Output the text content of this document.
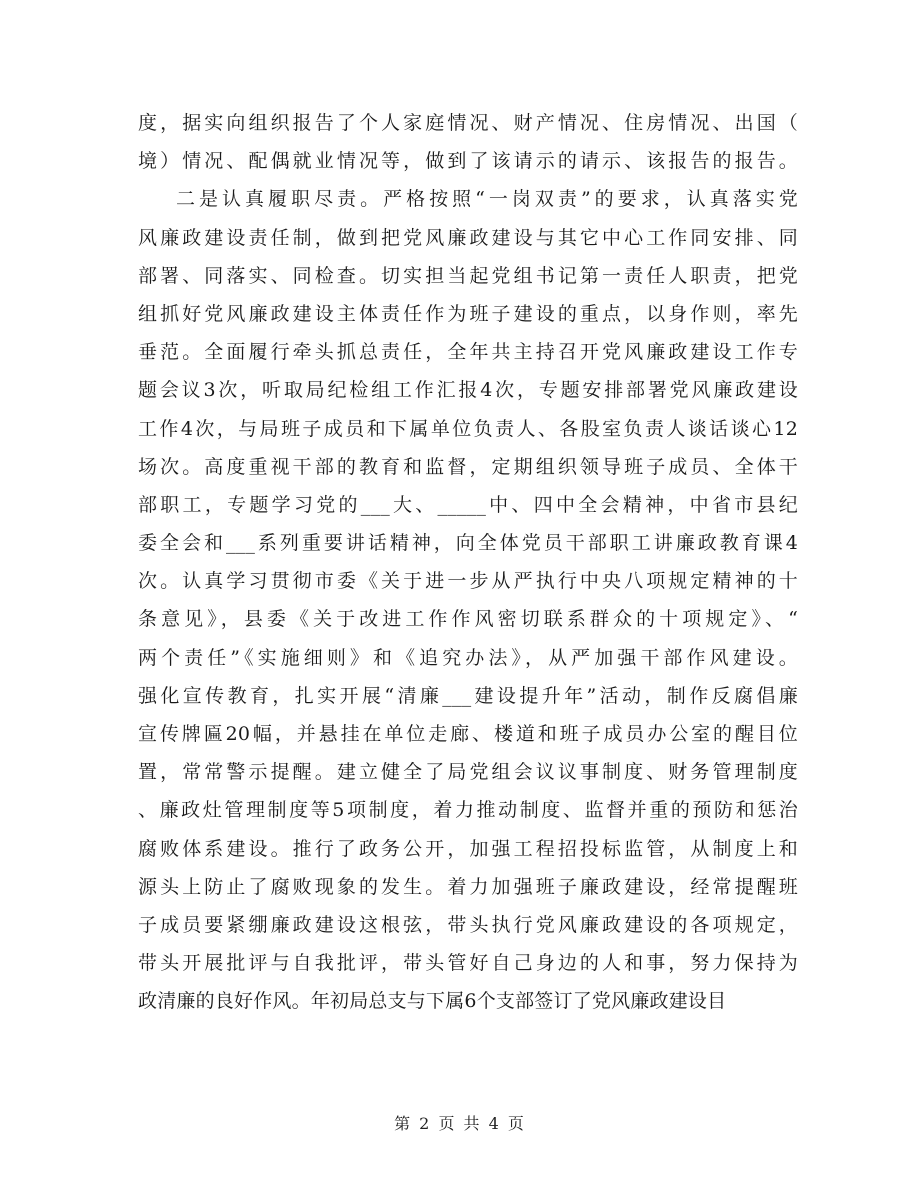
度，据实向组织报告了个人家庭情况、财产情况、住房情况、出国（
境）情况、配偶就业情况等，做到了该请示的请示、该报告的报告。
二是认真履职尽责。严格按照“一岗双责”的要求，认真落实党
风廉政建设责任制，做到把党风廉政建设与其它中心工作同安排、同
部署、同落实、同检查。切实担当起党组书记第一责任人职责，把党
组抓好党风廉政建设主体责任作为班子建设的重点，以身作则，率先
垂范。全面履行牵头抓总责任，全年共主持召开党风廉政建设工作专
题会议3次，听取局纪检组工作汇报4次，专题安排部署党风廉政建设
工作4次，与局班子成员和下属单位负责人、各股室负责人谈话谈心12
场次。高度重视干部的教育和监督，定期组织领导班子成员、全体干
部职工，专题学习党的___大、_____中、四中全会精神，中省市县纪
委全会和___系列重要讲话精神，向全体党员干部职工讲廉政教育课4
次。认真学习贯彻市委《关于进一步从严执行中央八项规定精神的十
条意见》，县委《关于改进工作作风密切联系群众的十项规定》、“
两个责任”《实施细则》和《追究办法》，从严加强干部作风建设。
强化宣传教育，扎实开展“清廉___建设提升年”活动，制作反腐倡廉
宣传牌匾20幅，并悬挂在单位走廊、楼道和班子成员办公室的醒目位
置，常常警示提醒。建立健全了局党组会议议事制度、财务管理制度
、廉政灶管理制度等5项制度，着力推动制度、监督并重的预防和惩治
腐败体系建设。推行了政务公开，加强工程招投标监管，从制度上和
源头上防止了腐败现象的发生。着力加强班子廉政建设，经常提醒班
子成员要紧绷廉政建设这根弦，带头执行党风廉政建设的各项规定，
带头开展批评与自我批评，带头管好自己身边的人和事，努力保持为
政清廉的良好作风。年初局总支与下属6个支部签订了党风廉政建设目
第 2 页 共 4 页
